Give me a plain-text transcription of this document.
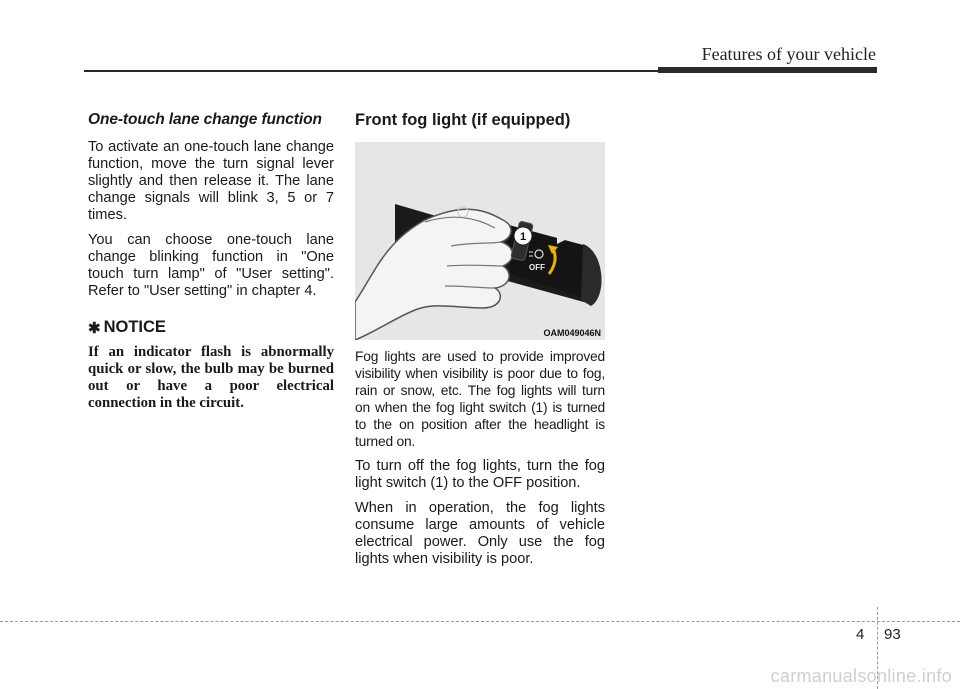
Features of your vehicle
One-touch lane change function

To activate an one-touch lane change function, move the turn signal lever slightly and then release it. The lane change signals will blink 3, 5 or 7 times.

You can choose one-touch lane change blinking function in "One touch turn lamp" of "User setting". Refer to "User setting" in chapter 4.

✱ NOTICE

If an indicator flash is abnormally quick or slow, the bulb may be burned out or have a poor electrical connection in the circuit.

Front fog light (if equipped)
1
OFF
OAM049046N

Fog lights are used to provide improved visibility when visibility is poor due to fog, rain or snow, etc. The fog lights will turn on when the fog light switch (1) is turned to the on position after the headlight is turned on.

To turn off the fog lights, turn the fog light switch (1) to the OFF position.

When in operation, the fog lights consume large amounts of vehicle electrical power. Only use the fog lights when visibility is poor.

4 93
carmanualsonline.info
